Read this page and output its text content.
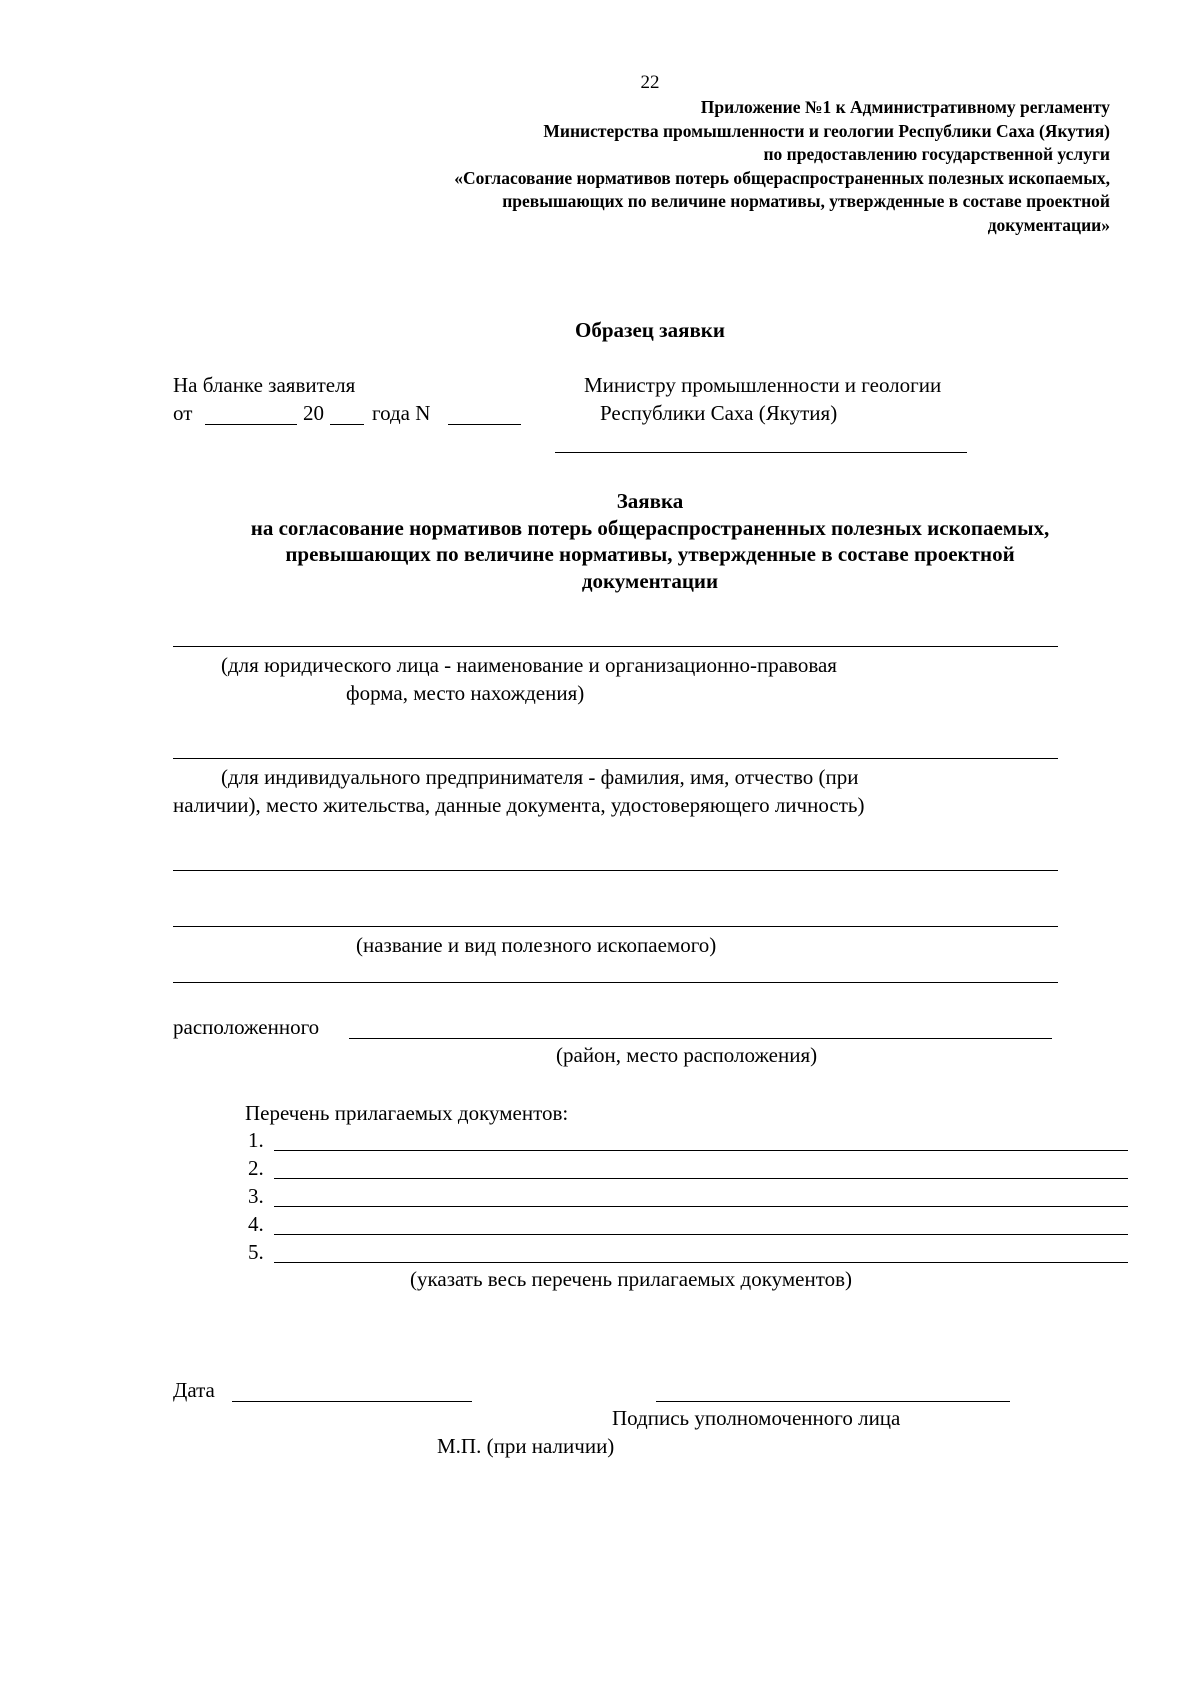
22
Приложение №1 к Административному регламенту
Министерства промышленности и геологии Республики Саха (Якутия)
по предоставлению государственной услуги
«Согласование нормативов потерь общераспространенных полезных ископаемых,
превышающих по величине нормативы, утвержденные в составе проектной
документации»
Образец заявки
На бланке заявителя
от	20 года N
Министру промышленности и геологии
Республики Саха (Якутия)
Заявка
на согласование нормативов потерь общераспространенных полезных ископаемых,
превышающих по величине нормативы, утвержденные в составе проектной
документации
(для юридического лица - наименование и организационно-правовая
форма, место нахождения)
(для индивидуального предпринимателя - фамилия, имя, отчество (при
наличии), место жительства, данные документа, удостоверяющего личность)
(название и вид полезного ископаемого)
расположенного
(район, место расположения)
Перечень прилагаемых документов:
1.
2.
3.
4.
5.
(указать весь перечень прилагаемых документов)
Дата
Подпись уполномоченного лица
М.П. (при наличии)
